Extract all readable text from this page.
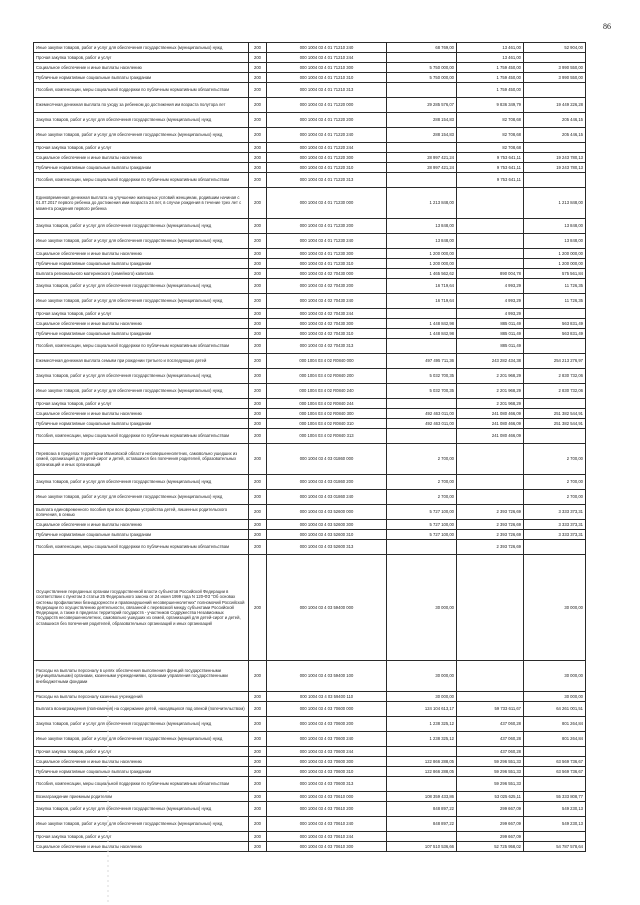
86
Иные закупки товаров, работ и услуг для обеспечения государственных (муниципальных) нужд	200	000 1004 03 4 01 71210 240	68 769,00	13 461,00	52 904,00
Прочая закупка товаров, работ и услуг	200	000 1004 03 4 01 71210 244		13 461,00	
Социальное обеспечение и иные выплаты населению	200	000 1004 03 4 01 71210 300	5 750 000,00	1 759 450,00	3 990 550,00
Публичные нормативные социальные выплаты гражданам	200	000 1004 03 4 01 71210 310	5 750 000,00	1 759 450,00	3 990 550,00
Пособия, компенсации, меры социальной поддержки по публичным нормативным обязательствам	200	000 1004 03 4 01 71210 313		1 759 450,00	
Ежемесячная денежная выплата по уходу за ребенком до достижения им возраста полутора лет	200	000 1004 03 4 01 71220 000	29 285 576,07	9 836 349,79	19 449 226,28
Закупка товаров, работ и услуг для обеспечения государственных (муниципальных) нужд	200	000 1004 03 4 01 71220 200	288 154,83	82 708,68	205 446,15
Иные закупки товаров, работ и услуг для обеспечения государственных (муниципальных) нужд	200	000 1004 03 4 01 71220 240	288 154,83	82 708,68	205 446,15
Прочая закупка товаров, работ и услуг	200	000 1004 03 4 01 71220 244		82 708,68	
Социальное обеспечение и иные выплаты населению	200	000 1004 03 4 01 71220 300	28 997 421,24	9 753 641,11	19 243 780,13
Публичные нормативные социальные выплаты гражданам	200	000 1004 03 4 01 71220 310	28 997 421,24	9 753 641,11	19 243 780,13
Пособия, компенсации, меры социальной поддержки по публичным нормативным обязательствам	200	000 1004 03 4 01 71220 313		9 753 641,11	
Единовременная денежная выплата на улучшение жилищных условий женщинам, родившим начиная с 01.07.2017 первого ребенка до достижения ими возраста 24 лет, в случае рождения в течение трех лет с момента рождения первого ребенка	200	000 1004 03 4 01 71230 000	1 213 848,00		1 213 848,00
Закупка товаров, работ и услуг для обеспечения государственных (муниципальных) нужд	200	000 1004 03 4 01 71230 200	13 848,00		13 848,00
Иные закупки товаров, работ и услуг для обеспечения государственных (муниципальных) нужд	200	000 1004 03 4 01 71230 240	13 848,00		13 848,00
Социальное обеспечение и иные выплаты населению	200	000 1004 03 4 01 71230 300	1 200 000,00		1 200 000,00
Публичные нормативные социальные выплаты гражданам	200	000 1004 03 4 01 71230 310	1 200 000,00		1 200 000,00
Выплата регионального материнского (семейного) капитала	200	000 1004 03 4 02 70430 000	1 465 562,62	890 004,78	575 561,84
Закупка товаров, работ и услуг для обеспечения государственных (муниципальных) нужд	200	000 1004 03 4 02 70430 200	16 719,64	4 993,29	11 726,35
Иные закупки товаров, работ и услуг для обеспечения государственных (муниципальных) нужд	200	000 1004 03 4 02 70430 240	16 719,64	4 993,29	11 726,35
Прочая закупка товаров, работ и услуг	200	000 1004 03 4 02 70430 244		4 993,29	
Социальное обеспечение и иные выплаты населению	200	000 1004 03 4 02 70430 300	1 448 842,98	885 011,49	563 831,49
Публичные нормативные социальные выплаты гражданам	200	000 1004 03 4 02 70430 310	1 448 842,98	885 011,49	563 831,49
Пособия, компенсации, меры социальной поддержки по публичным нормативным обязательствам	200	000 1004 03 4 02 70430 313		885 011,49	
Ежемесячная денежная выплата семьям при рождении третьего и последующих детей	200	000 1004 03 4 02 R0840 000	497 495 711,36	243 282 434,38	254 213 276,97
Закупка товаров, работ и услуг для обеспечения государственных (муниципальных) нужд	200	000 1004 03 4 02 R0840 200	5 032 700,35	2 201 968,29	2 830 732,06
Иные закупки товаров, работ и услуг для обеспечения государственных (муниципальных) нужд	200	000 1004 03 4 02 R0840 240	5 032 700,35	2 201 968,29	2 830 732,06
Прочая закупка товаров, работ и услуг	200	000 1004 03 4 02 R0840 244		2 201 968,29	
Социальное обеспечение и иные выплаты населению	200	000 1004 03 4 02 R0840 300	492 463 011,00	241 080 466,09	251 382 544,91
Публичные нормативные социальные выплаты гражданам	200	000 1004 03 4 02 R0840 310	492 463 011,00	241 080 466,09	251 382 544,91
Пособия, компенсации, меры социальной поддержки по публичным нормативным обязательствам	200	000 1004 03 4 02 R0840 313		241 080 466,09	
Перевозка в пределах территории Ивановской области несовершеннолетних, самовольно ушедших из семей, организаций для детей-сирот и детей, оставшихся без попечения родителей, образовательных организаций и иных организаций	200	000 1004 03 4 03 01860 000	2 700,00		2 700,00
Закупка товаров, работ и услуг для обеспечения государственных (муниципальных) нужд	200	000 1004 03 4 03 01860 200	2 700,00		2 700,00
Иные закупки товаров, работ и услуг для обеспечения государственных (муниципальных) нужд	200	000 1004 03 4 03 01860 240	2 700,00		2 700,00
Выплата единовременного пособия при всех формах устройства детей, лишенных родительского попечения, в семью	200	000 1004 03 4 03 52600 000	5 727 100,00	2 393 726,69	3 333 373,31
Социальное обеспечение и иные выплаты населению	200	000 1004 03 4 03 52600 300	5 727 100,00	2 393 726,69	3 333 373,31
Публичные нормативные социальные выплаты гражданам	200	000 1004 03 4 03 52600 310	5 727 100,00	2 393 726,69	3 333 373,31
Пособия, компенсации, меры социальной поддержки по публичным нормативным обязательствам	200	000 1004 03 4 03 52600 313		2 393 726,69	
Осуществление переданных органам государственной власти субъектов Российской Федерации в соответствии с пунктом 3 статьи 25 Федерального закона от 24 июня 1999 года N 120-ФЗ "Об основах системы профилактики безнадзорности и правонарушений несовершеннолетних" полномочий Российской Федерации по осуществлению деятельности, связанной с перевозкой между субъектами Российской Федерации, а также в пределах территорий государств - участников Содружества Независимых Государств несовершеннолетних, самовольно ушедших из семей, организаций для детей-сирот и детей, оставшихся без попечения родителей, образовательных организаций и иных организаций	200	000 1004 03 4 03 59400 000	30 000,00		30 000,00
Расходы на выплаты персоналу в целях обеспечения выполнения функций государственными (муниципальными) органами, казенными учреждениями, органами управления государственными внебюджетными фондами	200	000 1004 03 4 03 59400 100	30 000,00		30 000,00
Расходы на выплаты персоналу казенных учреждений	200	000 1004 03 4 03 59400 110	30 000,00		30 000,00
Выплата вознаграждения (полномочия) на содержание детей, находящихся под опекой (попечительством)	200	000 1004 03 4 03 70600 000	124 104 613,17	59 733 611,67	64 261 001,51
Закупка товаров, работ и услуг для обеспечения государственных (муниципальных) нужд	200	000 1004 03 4 03 70600 200	1 238 325,12	437 060,28	801 264,84
Иные закупки товаров, работ и услуг для обеспечения государственных (муниципальных) нужд	200	000 1004 03 4 03 70600 240	1 238 325,12	437 060,28	801 264,84
Прочая закупка товаров, работ и услуг	200	000 1004 03 4 03 70600 244		437 060,28	
Социальное обеспечение и иные выплаты населению	200	000 1004 03 4 03 70600 300	122 866 288,05	59 296 551,33	63 569 736,67
Публичные нормативные социальные выплаты гражданам	200	000 1004 03 4 03 70600 310	122 866 288,05	59 296 551,33	63 569 736,67
Пособия, компенсации, меры социальной поддержки по публичным нормативным обязательствам	200	000 1004 03 4 03 70600 313		59 296 551,33	
Вознаграждение приемным родителям	200	000 1004 03 4 03 70610 000	108 359 433,86	53 025 625,11	55 333 808,77
Закупка товаров, работ и услуг для обеспечения государственных (муниципальных) нужд	200	000 1004 03 4 03 70610 200	848 897,22	299 667,09	549 230,13
Иные закупки товаров, работ и услуг для обеспечения государственных (муниципальных) нужд	200	000 1004 03 4 03 70610 240	848 897,22	299 667,09	549 230,13
Прочая закупка товаров, работ и услуг	200	000 1004 03 4 03 70610 244		299 667,09	
Социальное обеспечение и иные выплаты населению	200	000 1004 03 4 03 70610 300	107 510 536,66	52 725 958,02	54 787 578,64
